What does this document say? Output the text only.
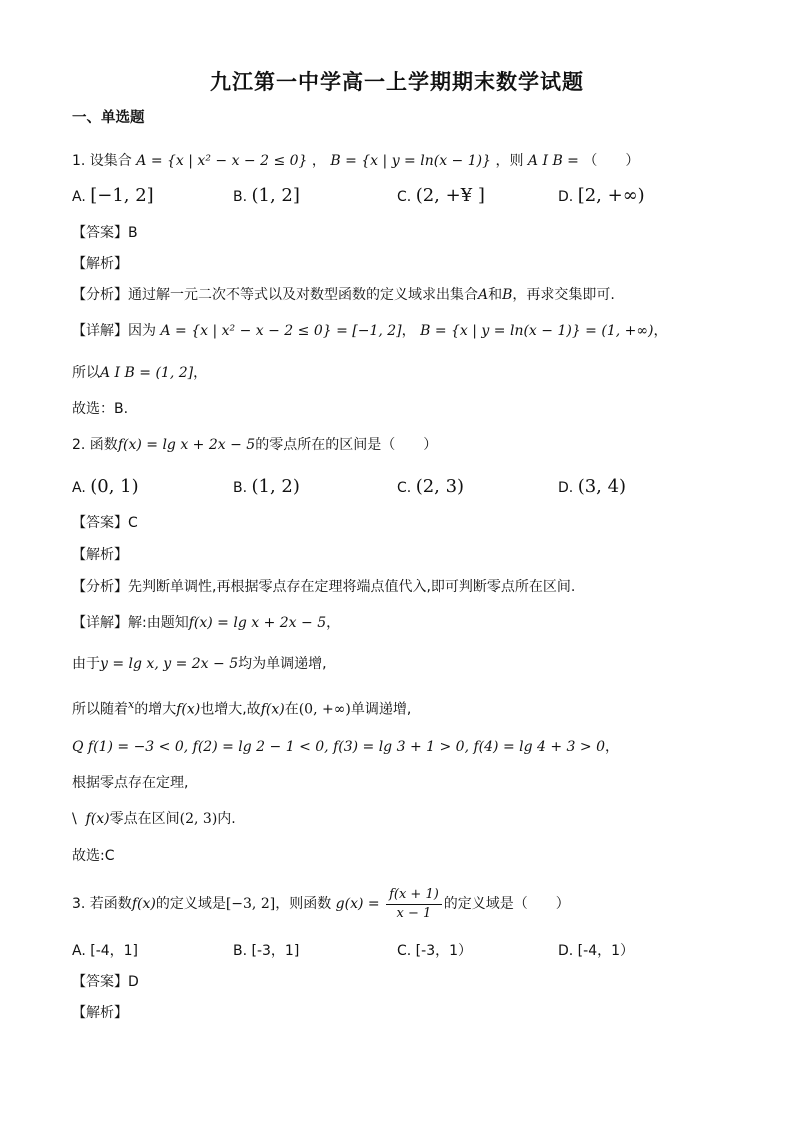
九江第一中学高一上学期期末数学试题
一、单选题
1. 设集合 A = {x | x² − x − 2 ≤ 0} ， B = {x | y = ln(x − 1)} ，则 A I B = （　　）
A. [−1, 2]	B. (1, 2]	C. (2, +¥ ]	D. [2, +∞)
【答案】B
【解析】
【分析】通过解一元二次不等式以及对数型函数的定义域求出集合A和B，再求交集即可.
【详解】因为 A = {x | x² − x − 2 ≤ 0} = [−1, 2]， B = {x | y = ln(x − 1)} = (1, +∞)，
所以A I B = (1, 2]，
故选：B.
2. 函数f(x) = lg x + 2x − 5的零点所在的区间是（　　）
A. (0, 1)	B. (1, 2)	C. (2, 3)	D. (3, 4)
【答案】C
【解析】
【分析】先判断单调性,再根据零点存在定理将端点值代入,即可判断零点所在区间.
【详解】解:由题知f(x) = lg x + 2x − 5，
由于y = lg x, y = 2x − 5均为单调递增,
所以随着$^x$的增大f(x)也增大,故f(x)在(0, +∞)单调递增,
Q f(1) = −3 < 0, f(2) = lg 2 − 1 < 0, f(3) = lg 3 + 1 > 0, f(4) = lg 4 + 3 > 0，
根据零点存在定理,
\ f(x)零点在区间(2, 3)内.
故选:C
3. 若函数f(x)的定义域是[−3, 2]，则函数 $g(x) = \frac{f(x + 1)}{x - 1}$ 的定义域是（　　）
A. [-4，1]	B. [-3，1]	C. [-3，1）	D. [-4，1）
【答案】D
【解析】
